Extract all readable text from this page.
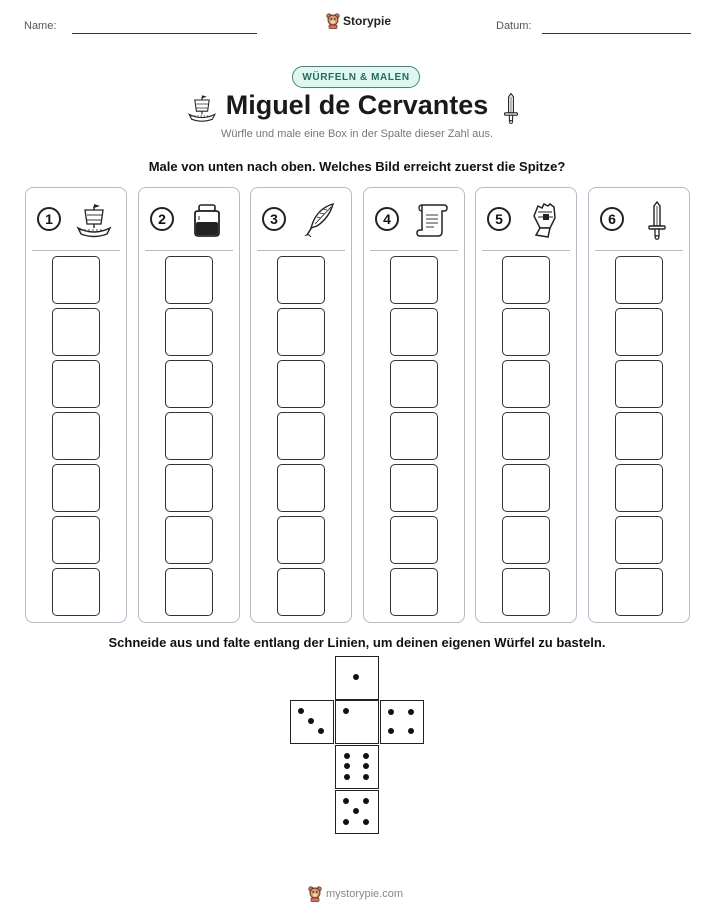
Name:	Storypie	Datum:
WÜRFELN & MALEN
Miguel de Cervantes
Würfle und male eine Box in der Spalte dieser Zahl aus.
Male von unten nach oben. Welches Bild erreicht zuerst die Spitze?
1	2	3	4	5	6
Schneide aus und falte entlang der Linien, um deinen eigenen Würfel zu basteln.
mystorypie.com
